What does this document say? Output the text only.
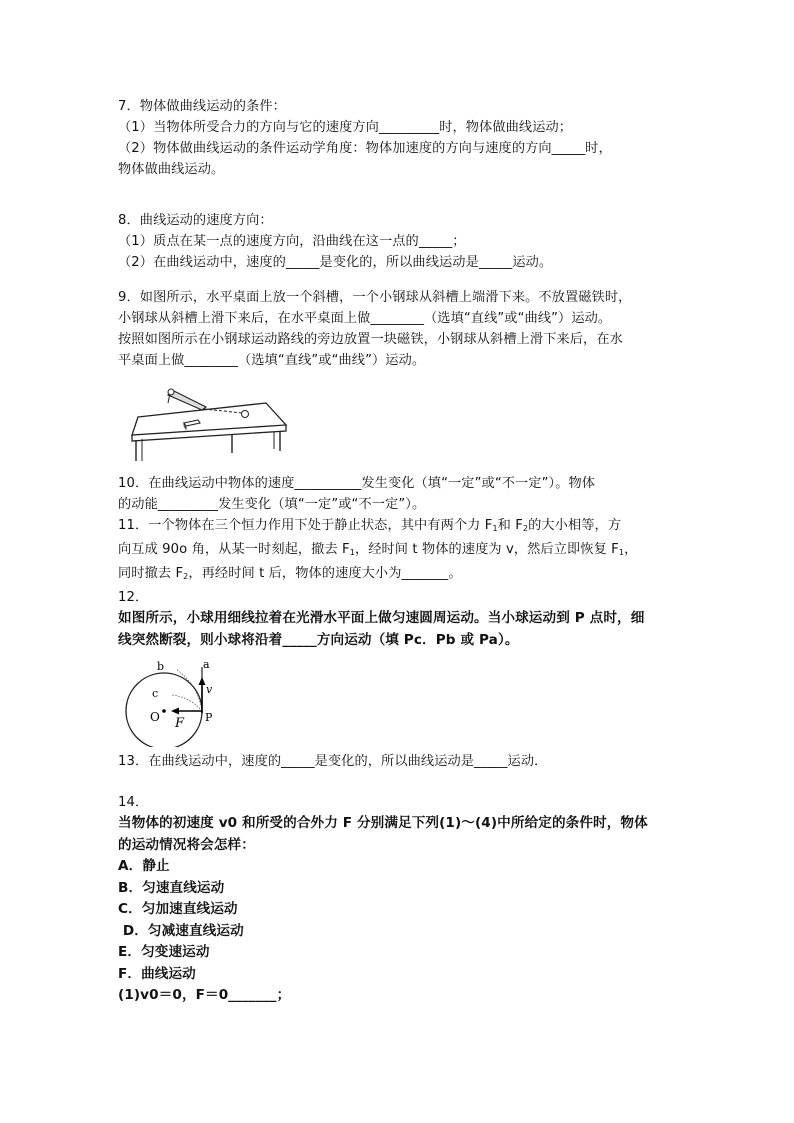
7．物体做曲线运动的条件：
（1）当物体所受合力的方向与它的速度方向_________时，物体做曲线运动；
（2）物体做曲线运动的条件运动学角度：物体加速度的方向与速度的方向_____时，
物体做曲线运动。
8．曲线运动的速度方向：
（1）质点在某一点的速度方向，沿曲线在这一点的_____；
（2）在曲线运动中，速度的_____是变化的，所以曲线运动是_____运动。
9．如图所示，水平桌面上放一个斜槽，一个小钢球从斜槽上端滑下来。不放置磁铁时，
小钢球从斜槽上滑下来后，在水平桌面上做________（选填“直线”或“曲线”）运动。
按照如图所示在小钢球运动路线的旁边放置一块磁铁，小钢球从斜槽上滑下来后，在水
平桌面上做________（选填“直线”或“曲线”）运动。
10．在曲线运动中物体的速度__________发生变化（填“一定”或“不一定”）。物体
的动能_________发生变化（填“一定”或“不一定”）。
11．一个物体在三个恒力作用下处于静止状态，其中有两个力 $F_1$和 $F_2$的大小相等，方
向互成 90o 角，从某一时刻起，撤去 $F_1$，经时间 t 物体的速度为 v，然后立即恢复 $F_1$，
同时撤去 $F_2$，再经时间 t 后，物体的速度大小为_______。
12．
如图所示，小球用细线拉着在光滑水平面上做匀速圆周运动。当小球运动到 P 点时，细
线突然断裂，则小球将沿着_____方向运动（填 Pc．Pb 或 Pa）。
a
b
c	v
P
O F
13．在曲线运动中，速度的_____是变化的，所以曲线运动是_____运动．
14．
当物体的初速度 v0 和所受的合外力 F 分别满足下列(1)～(4)中所给定的条件时，物体
的运动情况将会怎样：
A．静止
B．匀速直线运动
C．匀加速直线运动
D．匀减速直线运动
E．匀变速运动
F．曲线运动
(1)v0＝0，F＝0_______；
